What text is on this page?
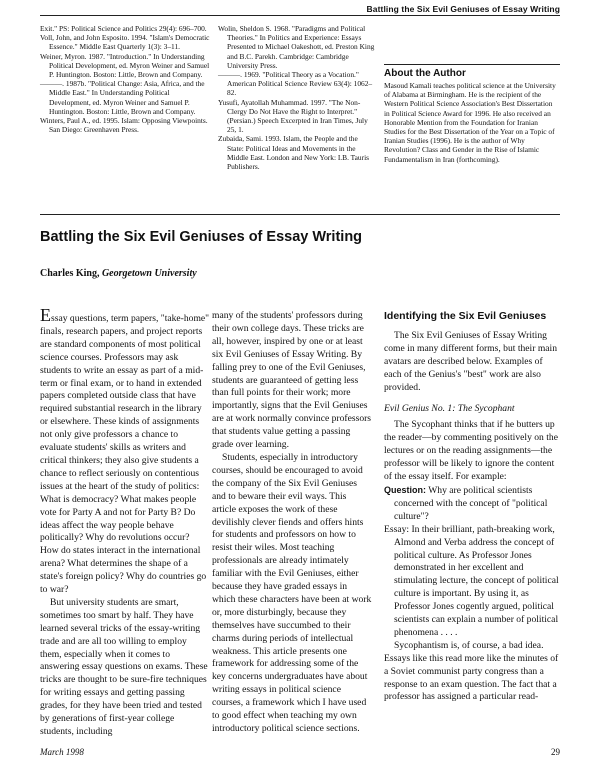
Battling the Six Evil Geniuses of Essay Writing

Exit." PS: Political Science and Politics 29(4): 696–700.

Voll, John, and John Esposito. 1994. "Islam's Democratic Essence." Middle East Quarterly 1(3): 3–11.

Weiner, Myron. 1987. "Introduction." In Understanding Political Development, ed. Myron Weiner and Samuel P. Huntington. Boston: Little, Brown and Company.

———. 1987b. "Political Change: Asia, Africa, and the Middle East." In Understanding Political Development, ed. Myron Weiner and Samuel P. Huntington. Boston: Little, Brown and Company.

Winters, Paul A., ed. 1995. Islam: Opposing Viewpoints. San Diego: Greenhaven Press.

Wolin, Sheldon S. 1968. "Paradigms and Political Theories." In Politics and Experience: Essays Presented to Michael Oakeshott, ed. Preston King and B.C. Parekh. Cambridge: Cambridge University Press.

———. 1969. "Political Theory as a Vocation." American Political Science Review 63(4): 1062–82.

Yusufi, Ayatollah Muhammad. 1997. "The Non-Clergy Do Not Have the Right to Interpret." (Persian.) Speech Excerpted in Iran Times, July 25, 1.

Zubaida, Sami. 1993. Islam, the People and the State: Political Ideas and Movements in the Middle East. London and New York: I.B. Tauris Publishers.

About the Author

Masoud Kamali teaches political science at the University of Alabama at Birmingham. He is the recipient of the Western Political Science Association's Best Dissertation in Political Science Award for 1996. He also received an Honorable Mention from the Foundation for Iranian Studies for the Best Dissertation of the Year on a Topic of Iranian Studies (1996). He is the author of Why Revolution? Class and Gender in the Rise of Islamic Fundamentalism in Iran (forthcoming).

Battling the Six Evil Geniuses of Essay Writing

Charles King, Georgetown University

Essay questions, term papers, "take-home" finals, research papers, and project reports are standard components of most political science courses. Professors may ask students to write an essay as part of a mid-term or final exam, or to hand in extended papers completed outside class that have required substantial research in the library or elsewhere. These kinds of assignments not only give professors a chance to evaluate students' skills as writers and critical thinkers; they also give students a chance to reflect seriously on contentious issues at the heart of the study of politics: What is democracy? What makes people vote for Party A and not for Party B? Do ideas affect the way people behave politically? Why do revolutions occur? How do states interact in the international arena? What determines the shape of a state's foreign policy? Why do countries go to war?

But university students are smart, sometimes too smart by half. They have learned several tricks of the essay-writing trade and are all too willing to employ them, especially when it comes to answering essay questions on exams. These tricks are thought to be sure-fire techniques for writing essays and getting passing grades, for they have been tried and tested by generations of first-year college students, including

many of the students' professors during their own college days. These tricks are all, however, inspired by one or at least six Evil Geniuses of Essay Writing. By falling prey to one of the Evil Geniuses, students are guaranteed of getting less than full points for their work; more importantly, signs that the Evil Geniuses are at work normally convince professors that students value getting a passing grade over learning.

Students, especially in introductory courses, should be encouraged to avoid the company of the Six Evil Geniuses and to beware their evil ways. This article exposes the work of these devilishly clever fiends and offers hints for students and professors on how to resist their wiles. Most teaching professionals are already intimately familiar with the Evil Geniuses, either because they have graded essays in which these characters have been at work or, more disturbingly, because they themselves have succumbed to their charms during periods of intellectual weakness. This article presents one framework for addressing some of the key concerns undergraduates have about writing essays in political science courses, a framework which I have used to good effect when teaching my own introductory political science sections.

Identifying the Six Evil Geniuses

The Six Evil Geniuses of Essay Writing come in many different forms, but their main avatars are described below. Examples of each of the Genius's "best" work are also provided.

Evil Genius No. 1: The Sycophant

The Sycophant thinks that if he butters up the reader—by commenting positively on the lectures or on the reading assignments—the professor will be likely to ignore the content of the essay itself. For example:

Question: Why are political scientists concerned with the concept of "political culture"?

Essay: In their brilliant, path-breaking work, Almond and Verba address the concept of political culture. As Professor Jones demonstrated in her excellent and stimulating lecture, the concept of political culture is important. By using it, as Professor Jones cogently argued, political scientists can explain a number of political phenomena . . . .

Sycophantism is, of course, a bad idea. Essays like this read more like the minutes of a Soviet communist party congress than a response to an exam question. The fact that a professor has assigned a particular read-

March 1998	29
